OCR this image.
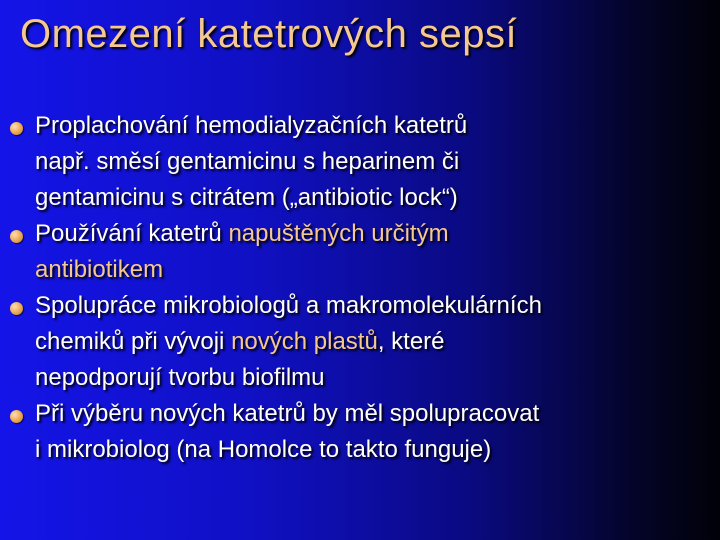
Omezení katetrových sepsí
Proplachování hemodialyzačních katetrů
např. směsí gentamicinu s heparinem či
gentamicinu s citrátem („antibiotic lock“)
Používání katetrů napuštěných určitým
antibiotikem
Spolupráce mikrobiologů a makromolekulárních
chemiků při vývoji nových plastů, které
nepodporují tvorbu biofilmu
Při výběru nových katetrů by měl spolupracovat
i mikrobiolog (na Homolce to takto funguje)
